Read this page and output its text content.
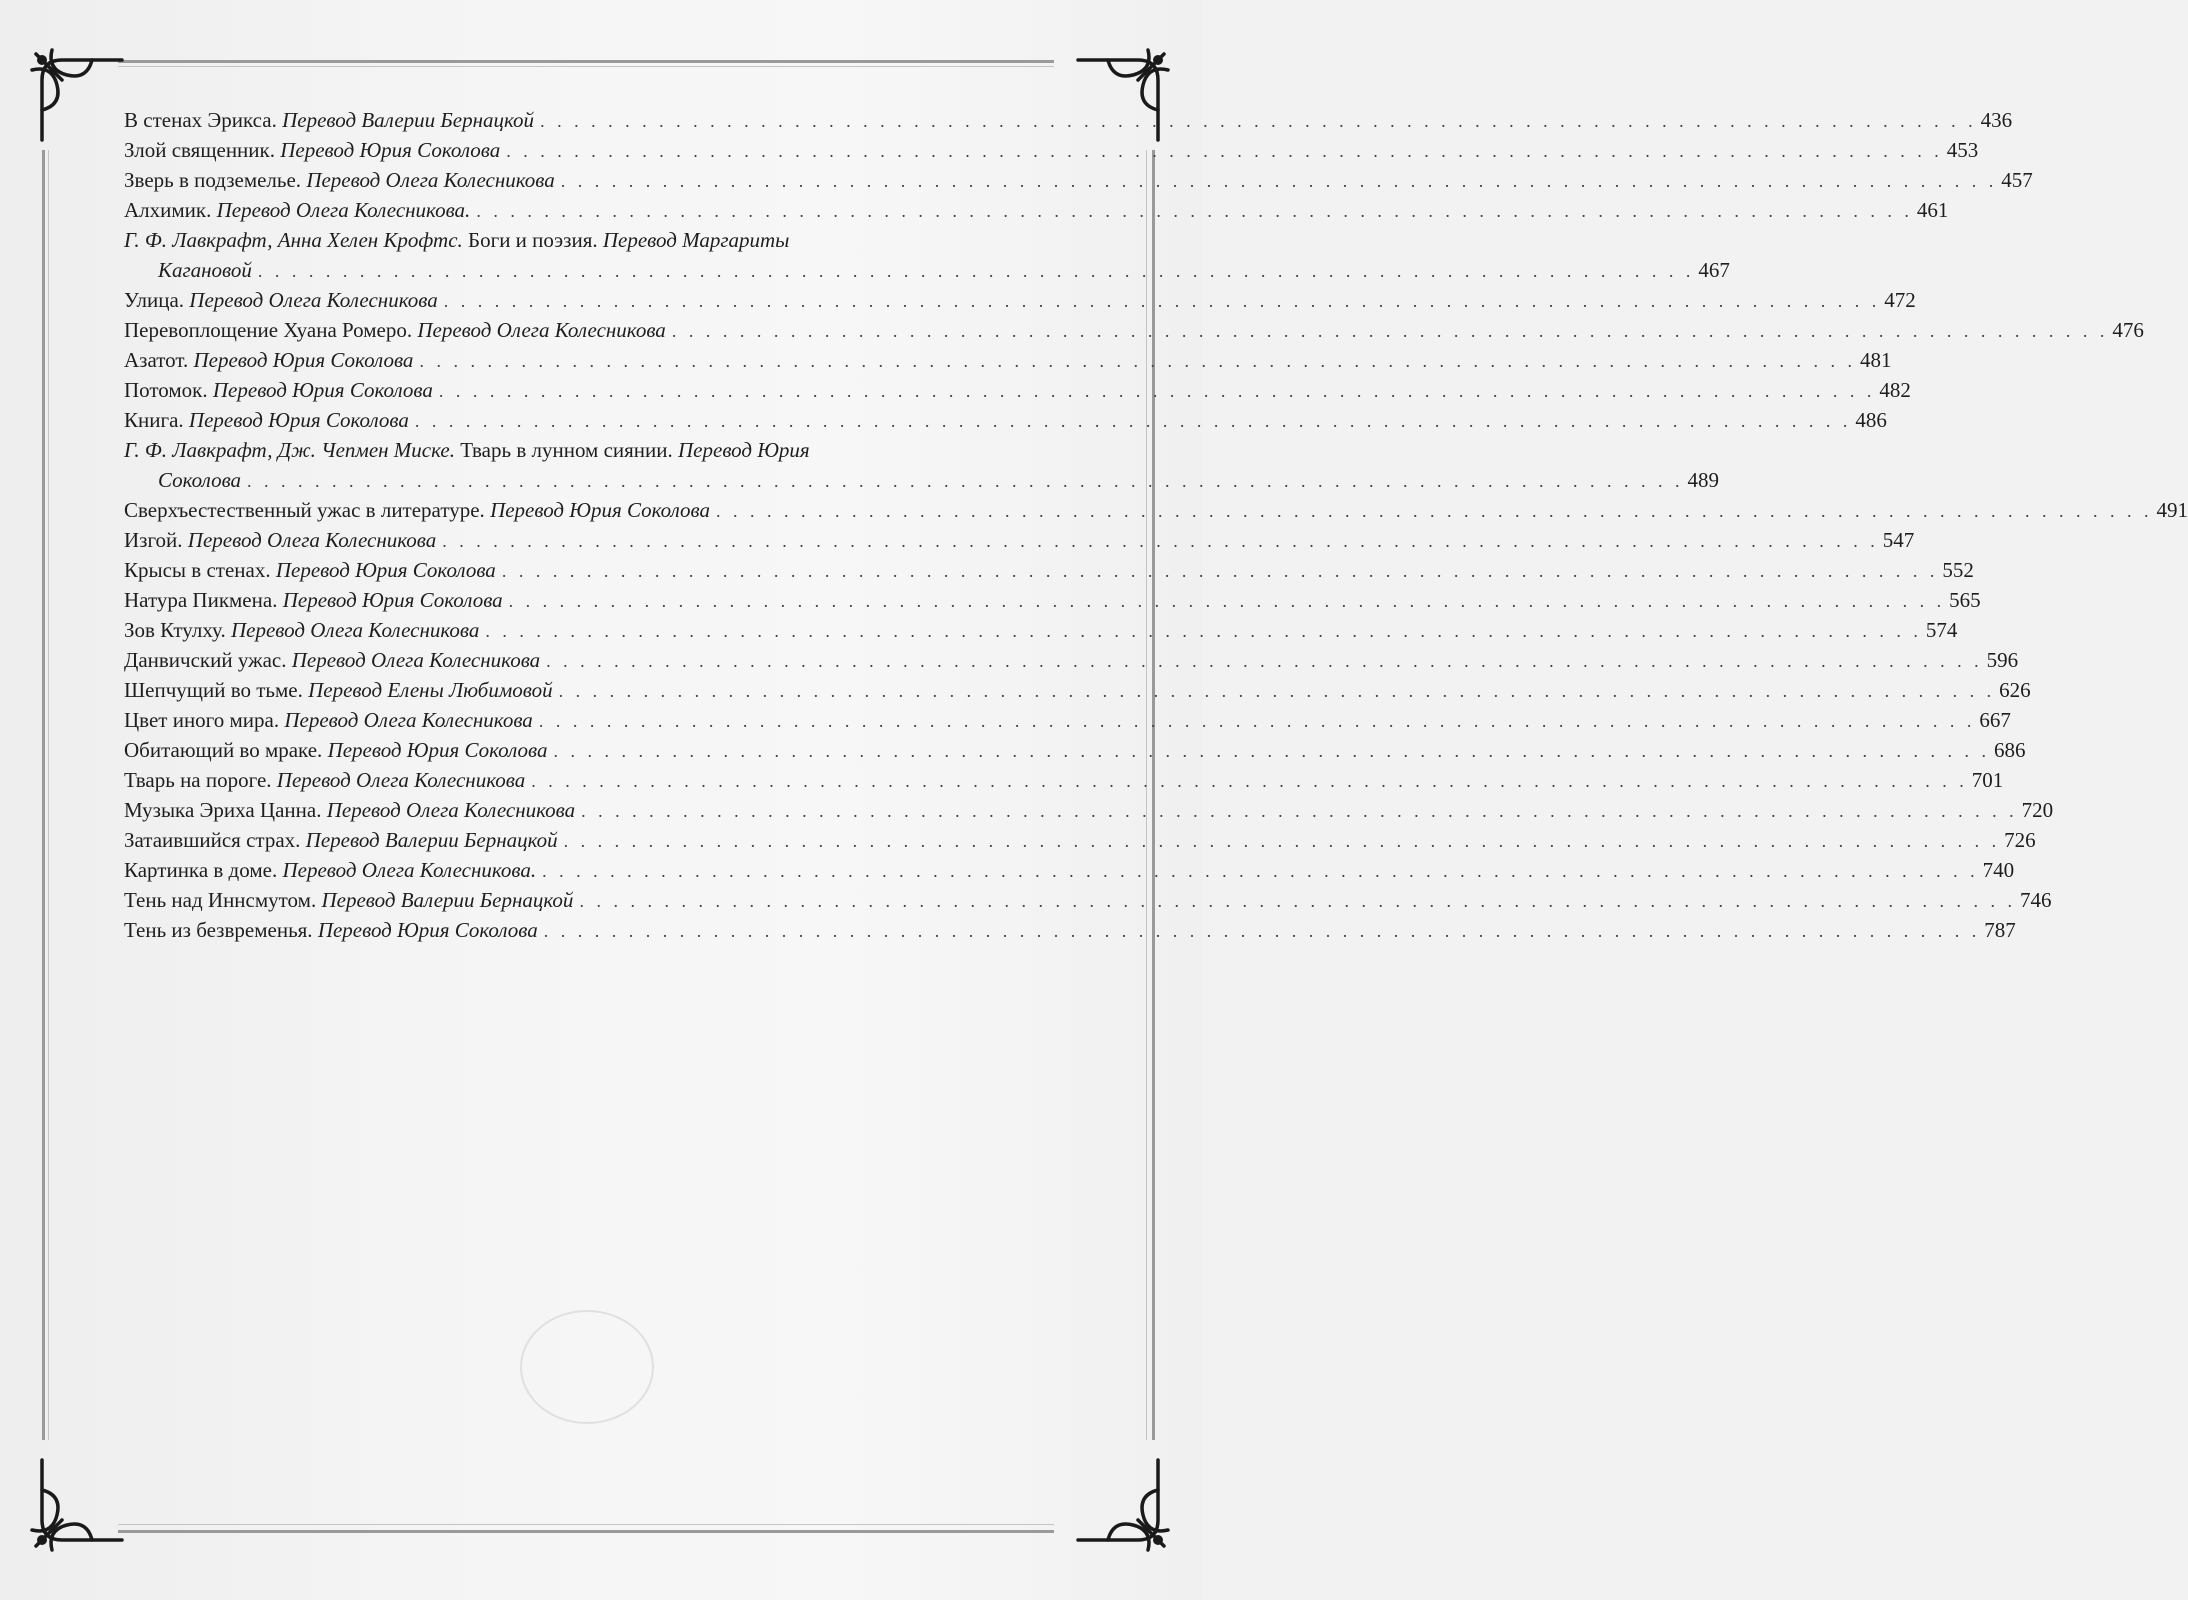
В стенах Эрикса. Перевод Валерии Бернацкой . . . . . . . . . . . . . . . . . . . . . . . . . . . . . . . . . . . . . . . . . . . . . . . . . . . . . . . . . . . . . . . . . . . . . . . . . . . . . . . . . . . . . 436
Злой священник. Перевод Юрия Соколова . . . . . . . . . . . . . . . . . . . . . . . . . . . . . . . . . . . . . . . . . . . . . . . . . . . . . . . . . . . . . . . . . . . . . . . . . . . . . . . . . . . . . 453
Зверь в подземелье. Перевод Олега Колесникова . . . . . . . . . . . . . . . . . . . . . . . . . . . . . . . . . . . . . . . . . . . . . . . . . . . . . . . . . . . . . . . . . . . . . . . . . . . . . . . . . . . . . 457
Алхимик. Перевод Олега Колесникова. . . . . . . . . . . . . . . . . . . . . . . . . . . . . . . . . . . . . . . . . . . . . . . . . . . . . . . . . . . . . . . . . . . . . . . . . . . . . . . . . . . . . . 461
Г. Ф. Лавкрафт, Анна Хелен Крофтс. Боги и поэзия. Перевод Маргариты
Кагановой . . . . . . . . . . . . . . . . . . . . . . . . . . . . . . . . . . . . . . . . . . . . . . . . . . . . . . . . . . . . . . . . . . . . . . . . . . . . . . . . . . . . . 467
Улица. Перевод Олега Колесникова . . . . . . . . . . . . . . . . . . . . . . . . . . . . . . . . . . . . . . . . . . . . . . . . . . . . . . . . . . . . . . . . . . . . . . . . . . . . . . . . . . . . . 472
Перевоплощение Хуана Ромеро. Перевод Олега Колесникова . . . . . . . . . . . . . . . . . . . . . . . . . . . . . . . . . . . . . . . . . . . . . . . . . . . . . . . . . . . . . . . . . . . . . . . . . . . . . . . . . . . . . 476
Азатот. Перевод Юрия Соколова . . . . . . . . . . . . . . . . . . . . . . . . . . . . . . . . . . . . . . . . . . . . . . . . . . . . . . . . . . . . . . . . . . . . . . . . . . . . . . . . . . . . . 481
Потомок. Перевод Юрия Соколова . . . . . . . . . . . . . . . . . . . . . . . . . . . . . . . . . . . . . . . . . . . . . . . . . . . . . . . . . . . . . . . . . . . . . . . . . . . . . . . . . . . . . 482
Книга. Перевод Юрия Соколова . . . . . . . . . . . . . . . . . . . . . . . . . . . . . . . . . . . . . . . . . . . . . . . . . . . . . . . . . . . . . . . . . . . . . . . . . . . . . . . . . . . . . 486
Г. Ф. Лавкрафт, Дж. Чепмен Миске. Тварь в лунном сиянии. Перевод Юрия
Соколова . . . . . . . . . . . . . . . . . . . . . . . . . . . . . . . . . . . . . . . . . . . . . . . . . . . . . . . . . . . . . . . . . . . . . . . . . . . . . . . . . . . . . 489
Сверхъестественный ужас в литературе. Перевод Юрия Соколова . . . . . . . . . . . . . . . . . . . . . . . . . . . . . . . . . . . . . . . . . . . . . . . . . . . . . . . . . . . . . . . . . . . . . . . . . . . . . . . . . . . . . 491
Изгой. Перевод Олега Колесникова . . . . . . . . . . . . . . . . . . . . . . . . . . . . . . . . . . . . . . . . . . . . . . . . . . . . . . . . . . . . . . . . . . . . . . . . . . . . . . . . . . . . . 547
Крысы в стенах. Перевод Юрия Соколова . . . . . . . . . . . . . . . . . . . . . . . . . . . . . . . . . . . . . . . . . . . . . . . . . . . . . . . . . . . . . . . . . . . . . . . . . . . . . . . . . . . . . 552
Натура Пикмена. Перевод Юрия Соколова . . . . . . . . . . . . . . . . . . . . . . . . . . . . . . . . . . . . . . . . . . . . . . . . . . . . . . . . . . . . . . . . . . . . . . . . . . . . . . . . . . . . . 565
Зов Ктулху. Перевод Олега Колесникова . . . . . . . . . . . . . . . . . . . . . . . . . . . . . . . . . . . . . . . . . . . . . . . . . . . . . . . . . . . . . . . . . . . . . . . . . . . . . . . . . . . . . 574
Данвичский ужас. Перевод Олега Колесникова . . . . . . . . . . . . . . . . . . . . . . . . . . . . . . . . . . . . . . . . . . . . . . . . . . . . . . . . . . . . . . . . . . . . . . . . . . . . . . . . . . . . . 596
Шепчущий во тьме. Перевод Елены Любимовой . . . . . . . . . . . . . . . . . . . . . . . . . . . . . . . . . . . . . . . . . . . . . . . . . . . . . . . . . . . . . . . . . . . . . . . . . . . . . . . . . . . . . 626
Цвет иного мира. Перевод Олега Колесникова . . . . . . . . . . . . . . . . . . . . . . . . . . . . . . . . . . . . . . . . . . . . . . . . . . . . . . . . . . . . . . . . . . . . . . . . . . . . . . . . . . . . . 667
Обитающий во мраке. Перевод Юрия Соколова . . . . . . . . . . . . . . . . . . . . . . . . . . . . . . . . . . . . . . . . . . . . . . . . . . . . . . . . . . . . . . . . . . . . . . . . . . . . . . . . . . . . . 686
Тварь на пороге. Перевод Олега Колесникова . . . . . . . . . . . . . . . . . . . . . . . . . . . . . . . . . . . . . . . . . . . . . . . . . . . . . . . . . . . . . . . . . . . . . . . . . . . . . . . . . . . . . 701
Музыка Эриха Цанна. Перевод Олега Колесникова . . . . . . . . . . . . . . . . . . . . . . . . . . . . . . . . . . . . . . . . . . . . . . . . . . . . . . . . . . . . . . . . . . . . . . . . . . . . . . . . . . . . . 720
Затаившийся страх. Перевод Валерии Бернацкой . . . . . . . . . . . . . . . . . . . . . . . . . . . . . . . . . . . . . . . . . . . . . . . . . . . . . . . . . . . . . . . . . . . . . . . . . . . . . . . . . . . . . 726
Картинка в доме. Перевод Олега Колесникова. . . . . . . . . . . . . . . . . . . . . . . . . . . . . . . . . . . . . . . . . . . . . . . . . . . . . . . . . . . . . . . . . . . . . . . . . . . . . . . . . . . . . . 740
Тень над Иннсмутом. Перевод Валерии Бернацкой . . . . . . . . . . . . . . . . . . . . . . . . . . . . . . . . . . . . . . . . . . . . . . . . . . . . . . . . . . . . . . . . . . . . . . . . . . . . . . . . . . . . . 746
Тень из безвременья. Перевод Юрия Соколова . . . . . . . . . . . . . . . . . . . . . . . . . . . . . . . . . . . . . . . . . . . . . . . . . . . . . . . . . . . . . . . . . . . . . . . . . . . . . . . . . . . . . 787
